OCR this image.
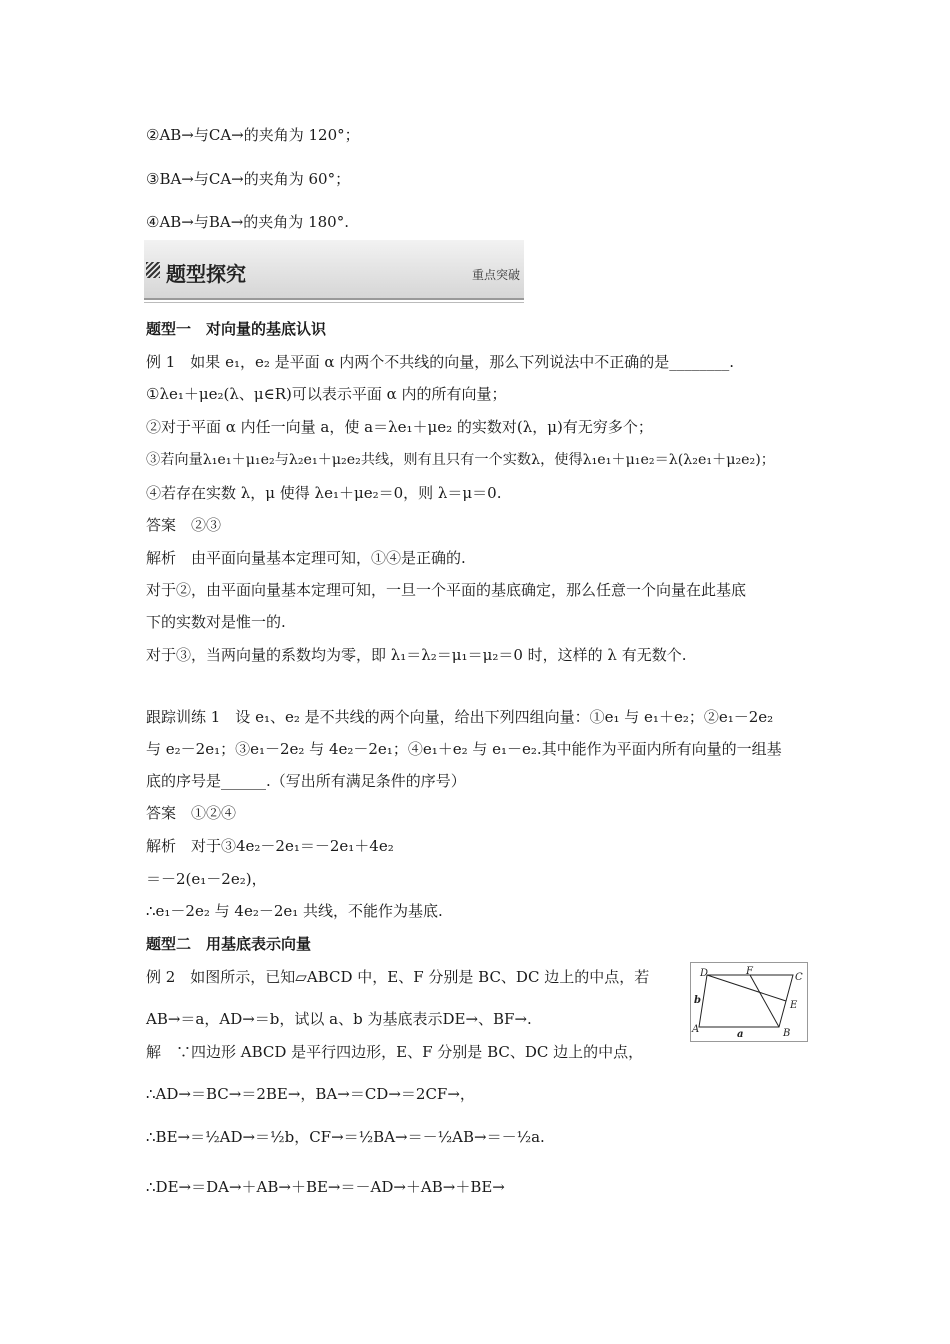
②AB→与CA→的夹角为 120°；
③BA→与CA→的夹角为 60°；
④AB→与BA→的夹角为 180°.
题型探究	重点突破
题型一　对向量的基底认识
例 1　如果 e₁，e₂ 是平面 α 内两个不共线的向量，那么下列说法中不正确的是________.
①λe₁＋μe₂(λ、μ∈R)可以表示平面 α 内的所有向量；
②对于平面 α 内任一向量 a，使 a＝λe₁＋μe₂ 的实数对(λ，μ)有无穷多个；
③若向量λ₁e₁＋μ₁e₂与λ₂e₁＋μ₂e₂共线，则有且只有一个实数λ，使得λ₁e₁＋μ₁e₂＝λ(λ₂e₁＋μ₂e₂)；
④若存在实数 λ，μ 使得 λe₁＋μe₂＝0，则 λ＝μ＝0.
答案　②③
解析　由平面向量基本定理可知，①④是正确的.
对于②，由平面向量基本定理可知，一旦一个平面的基底确定，那么任意一个向量在此基底
下的实数对是惟一的.
对于③，当两向量的系数均为零，即 λ₁＝λ₂＝μ₁＝μ₂＝0 时，这样的 λ 有无数个.
跟踪训练 1　设 e₁、e₂ 是不共线的两个向量，给出下列四组向量：①e₁ 与 e₁＋e₂；②e₁－2e₂
与 e₂－2e₁；③e₁－2e₂ 与 4e₂－2e₁；④e₁＋e₂ 与 e₁－e₂.其中能作为平面内所有向量的一组基
底的序号是______.（写出所有满足条件的序号）
答案　①②④
解析　对于③4e₂－2e₁＝－2e₁＋4e₂
＝－2(e₁－2e₂)，
∴e₁－2e₂ 与 4e₂－2e₁ 共线，不能作为基底.
题型二　用基底表示向量
例 2　如图所示，已知▱ABCD 中，E、F 分别是 BC、DC 边上的中点，若
AB→＝a，AD→＝b，试以 a、b 为基底表示DE→、BF→.
解　∵四边形 ABCD 是平行四边形，E、F 分别是 BC、DC 边上的中点，
∴AD→＝BC→＝2BE→，BA→＝CD→＝2CF→，
∴BE→＝½AD→＝½b，CF→＝½BA→＝－½AB→＝－½a.
∴DE→＝DA→＋AB→＋BE→＝－AD→＋AB→＋BE→
D	F
C
E
A	B
a
b
